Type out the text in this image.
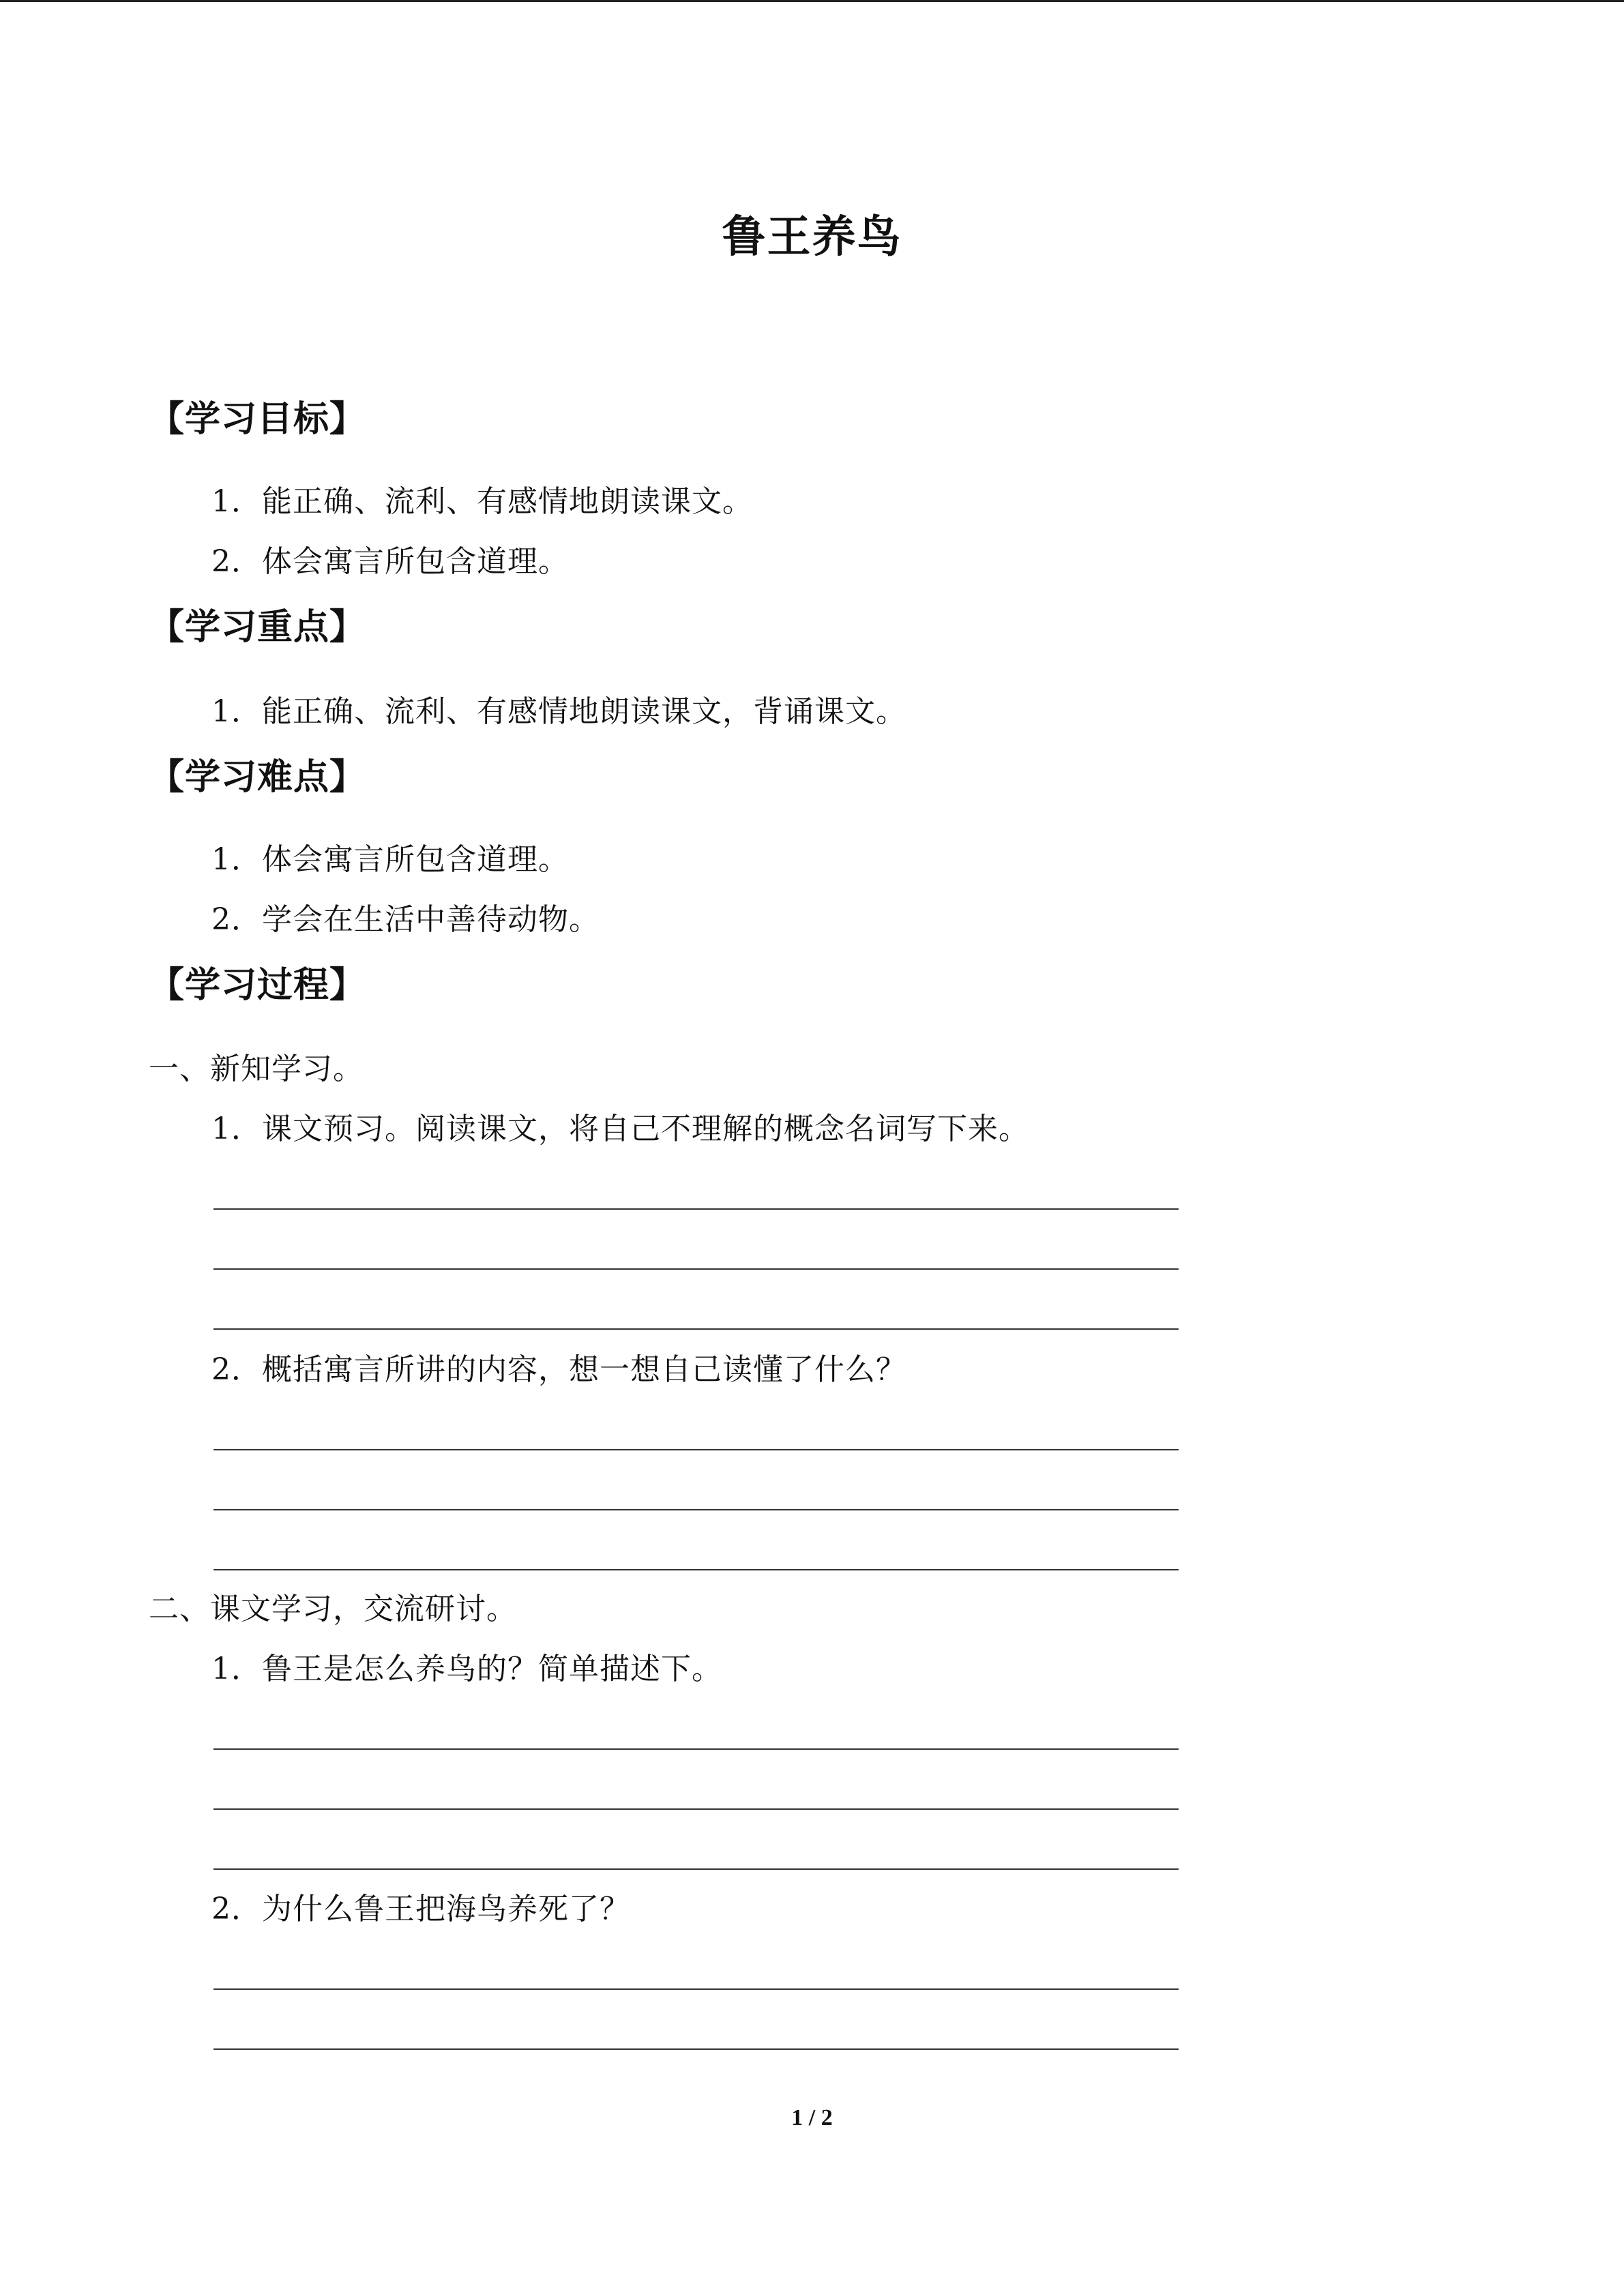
鲁王养鸟
【学习目标】
1．能正确、流利、有感情地朗读课文。
2．体会寓言所包含道理。
【学习重点】
1．能正确、流利、有感情地朗读课文，背诵课文。
【学习难点】
1．体会寓言所包含道理。
2．学会在生活中善待动物。
【学习过程】
一、新知学习。
1．课文预习。阅读课文，将自己不理解的概念名词写下来。
2．概括寓言所讲的内容，想一想自己读懂了什么？
二、课文学习，交流研讨。
1．鲁王是怎么养鸟的？简单描述下。
2．为什么鲁王把海鸟养死了？
1 / 2
